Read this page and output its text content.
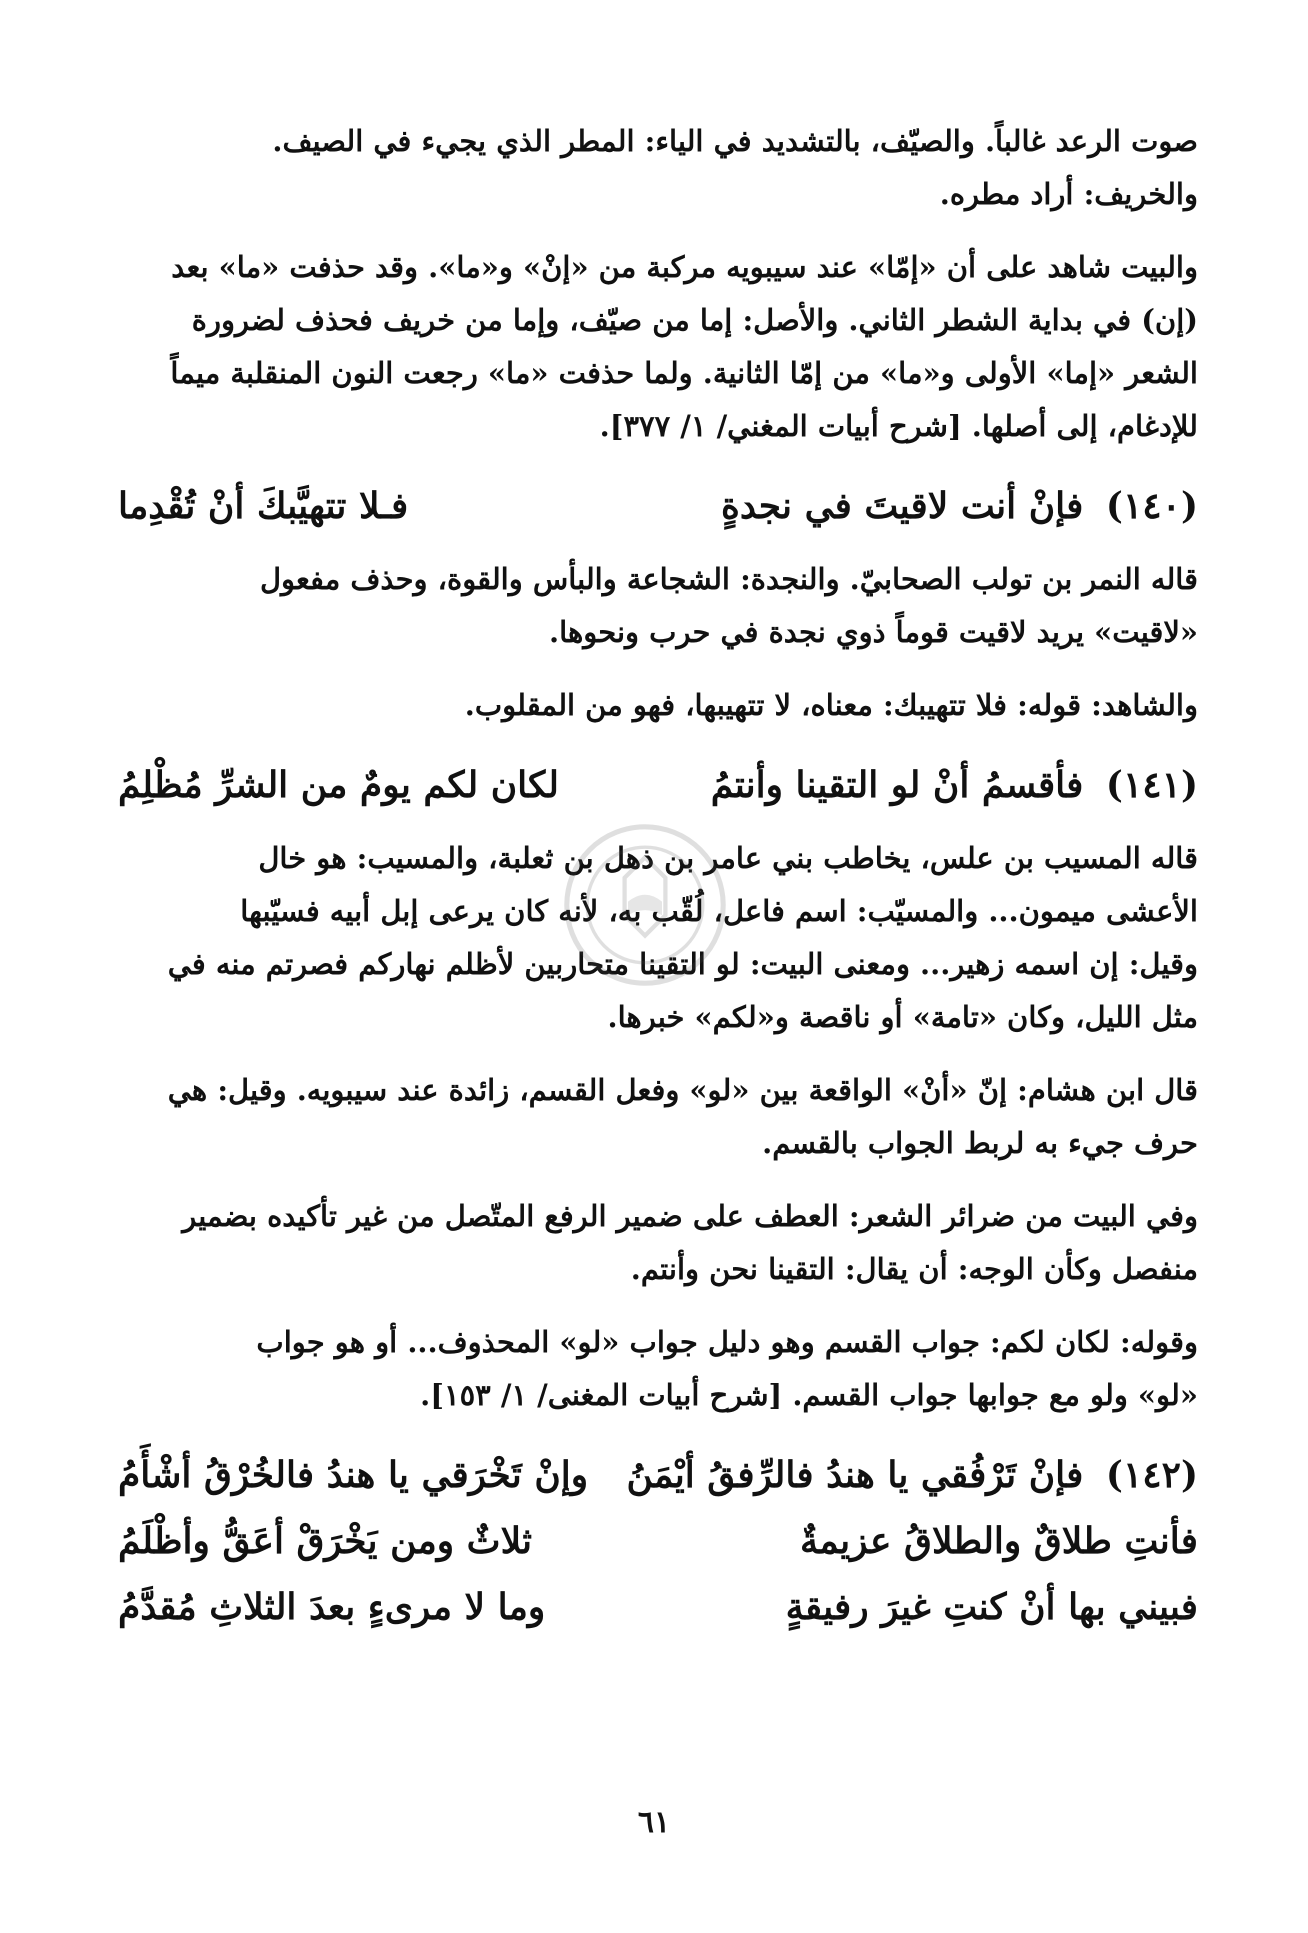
صوت الرعد غالباً. والصيّف، بالتشديد في الياء: المطر الذي يجيء في الصيف.
والخريف: أراد مطره.

والبيت شاهد على أن «إمّا» عند سيبويه مركبة من «إنْ» و«ما». وقد حذفت «ما» بعد
(إن) في بداية الشطر الثاني. والأصل: إما من صيّف، وإما من خريف فحذف لضرورة
الشعر «إما» الأولى و«ما» من إمّا الثانية. ولما حذفت «ما» رجعت النون المنقلبة ميماً
للإدغام، إلى أصلها. [شرح أبيات المغني/ ١/ ٣٧٧].

(١٤٠) فإنْ أنت لاقيتَ في نجدةٍ
فـلا تتهيَّبكَ أنْ تُقْدِما

قاله النمر بن تولب الصحابيّ. والنجدة: الشجاعة والبأس والقوة، وحذف مفعول
«لاقيت» يريد لاقيت قوماً ذوي نجدة في حرب ونحوها.

والشاهد: قوله: فلا تتهيبك: معناه، لا تتهيبها، فهو من المقلوب.

(١٤١) فأقسمُ أنْ لو التقينا وأنتمُ
لكان لكم يومٌ من الشرِّ مُظْلِمُ

قاله المسيب بن علس، يخاطب بني عامر بن ذهل بن ثعلبة، والمسيب: هو خال
الأعشى ميمون... والمسيّب: اسم فاعل، لُقّب به، لأنه كان يرعى إبل أبيه فسيّبها
وقيل: إن اسمه زهير... ومعنى البيت: لو التقينا متحاربين لأظلم نهاركم فصرتم منه في
مثل الليل، وكان «تامة» أو ناقصة و«لكم» خبرها.

قال ابن هشام: إنّ «أنْ» الواقعة بين «لو» وفعل القسم، زائدة عند سيبويه. وقيل: هي
حرف جيء به لربط الجواب بالقسم.

وفي البيت من ضرائر الشعر: العطف على ضمير الرفع المتّصل من غير تأكيده بضمير
منفصل وكأن الوجه: أن يقال: التقينا نحن وأنتم.

وقوله: لكان لكم: جواب القسم وهو دليل جواب «لو» المحذوف... أو هو جواب
«لو» ولو مع جوابها جواب القسم. [شرح أبيات المغنى/ ١/ ١٥٣].

(١٤٢) فإنْ تَرْفُقي يا هندُ فالرِّفقُ أيْمَنُ
وإنْ تَخْرَقي يا هندُ فالخُرْقُ أشْأَمُ
فأنتِ طلاقٌ والطلاقُ عزيمةٌ
ثلاثٌ ومن يَخْرَقْ أعَقُّ وأظْلَمُ
فبيني بها أنْ كنتِ غيرَ رفيقةٍ
وما لا مرىءٍ بعدَ الثلاثِ مُقدَّمُ
٦١
